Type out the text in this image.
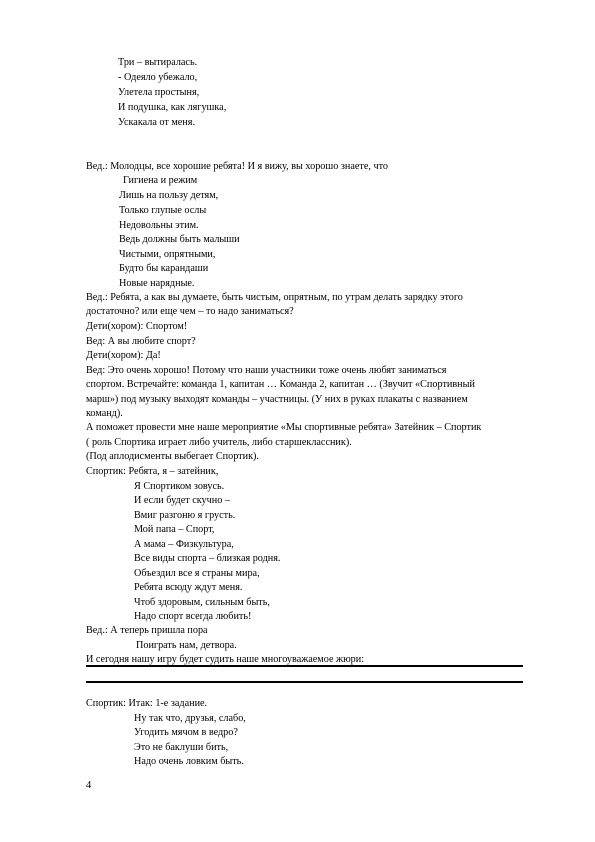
Три – вытиралась.
- Одеяло убежало,
Улетела простыня,
И подушка, как лягушка,
Ускакала от меня.
Вед.: Молодцы, все хорошие ребята! И я вижу, вы хорошо знаете, что
Гигиена и режим
Лишь на пользу детям,
Только глупые ослы
Недовольны этим.
Ведь должны быть малыши
Чистыми, опрятными,
Будто бы карандаши
Новые нарядные.
Вед.: Ребята, а как вы думаете, быть чистым, опрятным, по утрам делать зарядку этого
достаточно? или еще чем – то надо заниматься?
Дети(хором): Спортом!
Вед: А вы любите спорт?
Дети(хором): Да!
Вед: Это очень хорошо! Потому что наши участники тоже очень любят заниматься
спортом. Встречайте: команда 1, капитан … Команда 2, капитан … (Звучит «Спортивный
марш») под музыку выходят команды – участницы. (У них в руках плакаты с названием
команд).
А поможет провести мне наше мероприятие «Мы спортивные ребята» Затейник – Спортик
( роль Спортика играет либо учитель, либо старшеклассник).
(Под аплодисменты выбегает Спортик).
Спортик: Ребята, я – затейник,
Я Спортиком зовусь.
И если будет скучно –
Вмиг разгоню я грусть.
Мой папа – Спорт,
А мама – Физкультура,
Все виды спорта – близкая родня.
Объездил все я страны мира,
Ребята всюду ждут меня.
Чтоб здоровым, сильным быть,
Надо спорт всегда любить!
Вед.: А теперь пришла пора
Поиграть нам, детвора.
И сегодня нашу игру будет судить наше многоуважаемое жюри:
Спортик: Итак: 1-е задание.
Ну так что, друзья, слабо,
Угодить мячом в ведро?
Это не баклуши бить,
Надо очень ловким быть.
4
